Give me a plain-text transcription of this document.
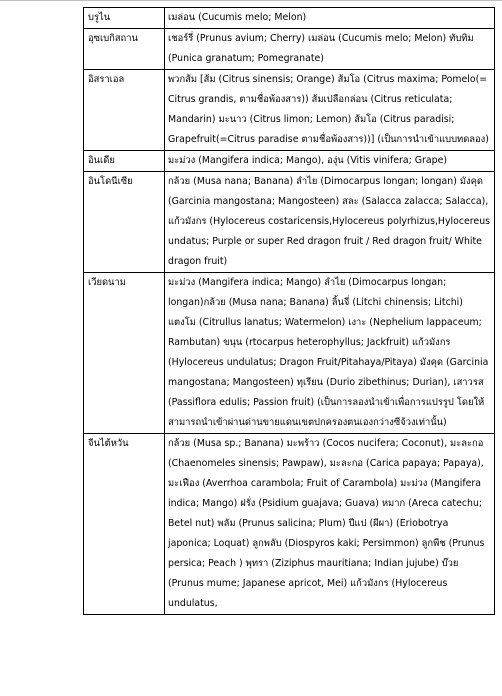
บรูไน	เมล่อน (Cucumis melo; Melon)
อุซเบกิสถาน	เชอร์รี่ (Prunus avium; Cherry) เมล่อน (Cucumis melo; Melon) ทับทิม (Punica granatum; Pomegranate)
อิสราเอล	พวกส้ม [ส้ม (Citrus sinensis; Orange) ส้มโอ (Citrus maxima; Pomelo(= Citrus grandis, ตามชื่อพ้องสาร)) ส้มเปลือกล่อน (Citrus reticulata; Mandarin) มะนาว (Citrus limon; Lemon) ส้มโอ (Citrus paradisi; Grapefruit(=Citrus paradise ตามชื่อพ้องสาร))] (เป็นการนำเข้าแบบทดลอง)
อินเดีย	มะม่วง (Mangifera indica; Mango), องุ่น (Vitis vinifera; Grape)
อินโดนีเซีย	กล้วย (Musa nana; Banana) ลำไย (Dimocarpus longan; longan) มังคุด (Garcinia mangostana; Mangosteen) สละ (Salacca zalacca; Salacca), แก้วมังกร (Hylocereus costaricensis,Hylocereus polyrhizus,Hylocereus undatus; Purple or super Red dragon fruit / Red dragon fruit/ White dragon fruit)
เวียดนาม	มะม่วง (Mangifera indica; Mango) ลำไย (Dimocarpus longan; longan)กล้วย (Musa nana; Banana) ลิ้นจี่ (Litchi chinensis; Litchi) แตงโม (Citrullus lanatus; Watermelon) เงาะ (Nephelium lappaceum; Rambutan) ขนุน (rtocarpus heterophyllus; Jackfruit) แก้วมังกร (Hylocereus undulatus; Dragon Fruit/Pitahaya/Pitaya) มังคุด (Garcinia mangostana; Mangosteen) ทุเรียน (Durio zibethinus; Durian), เสาวรส (Passiflora edulis; Passion fruit) (เป็นการลองนำเข้าเพื่อการแปรรูป โดยให้สามารถนำเข้าผ่านด่านขายแดนเขตปกครองตนเองกว่างซีจ้วงเท่านั้น)
จีนไต้หวัน	กล้วย (Musa sp.; Banana) มะพร้าว (Cocos nucifera; Coconut), มะละกอ (Chaenomeles sinensis; Pawpaw), มะละกอ (Carica papaya; Papaya), มะเฟือง (Averrhoa carambola; Fruit of Carambola) มะม่วง (Mangifera indica; Mango) ฝรั่ง (Psidium guajava; Guava) หมาก (Areca catechu; Betel nut) พลัม (Prunus salicina; Plum) ปีแป (ผีผา) (Eriobotrya japonica; Loquat) ลูกพลับ (Diospyros kaki; Persimmon) ลูกพีช (Prunus persica; Peach ) พุทรา (Ziziphus mauritiana; Indian jujube) บ๊วย (Prunus mume; Japanese apricot, Mei) แก้วมังกร (Hylocereus undulatus,
